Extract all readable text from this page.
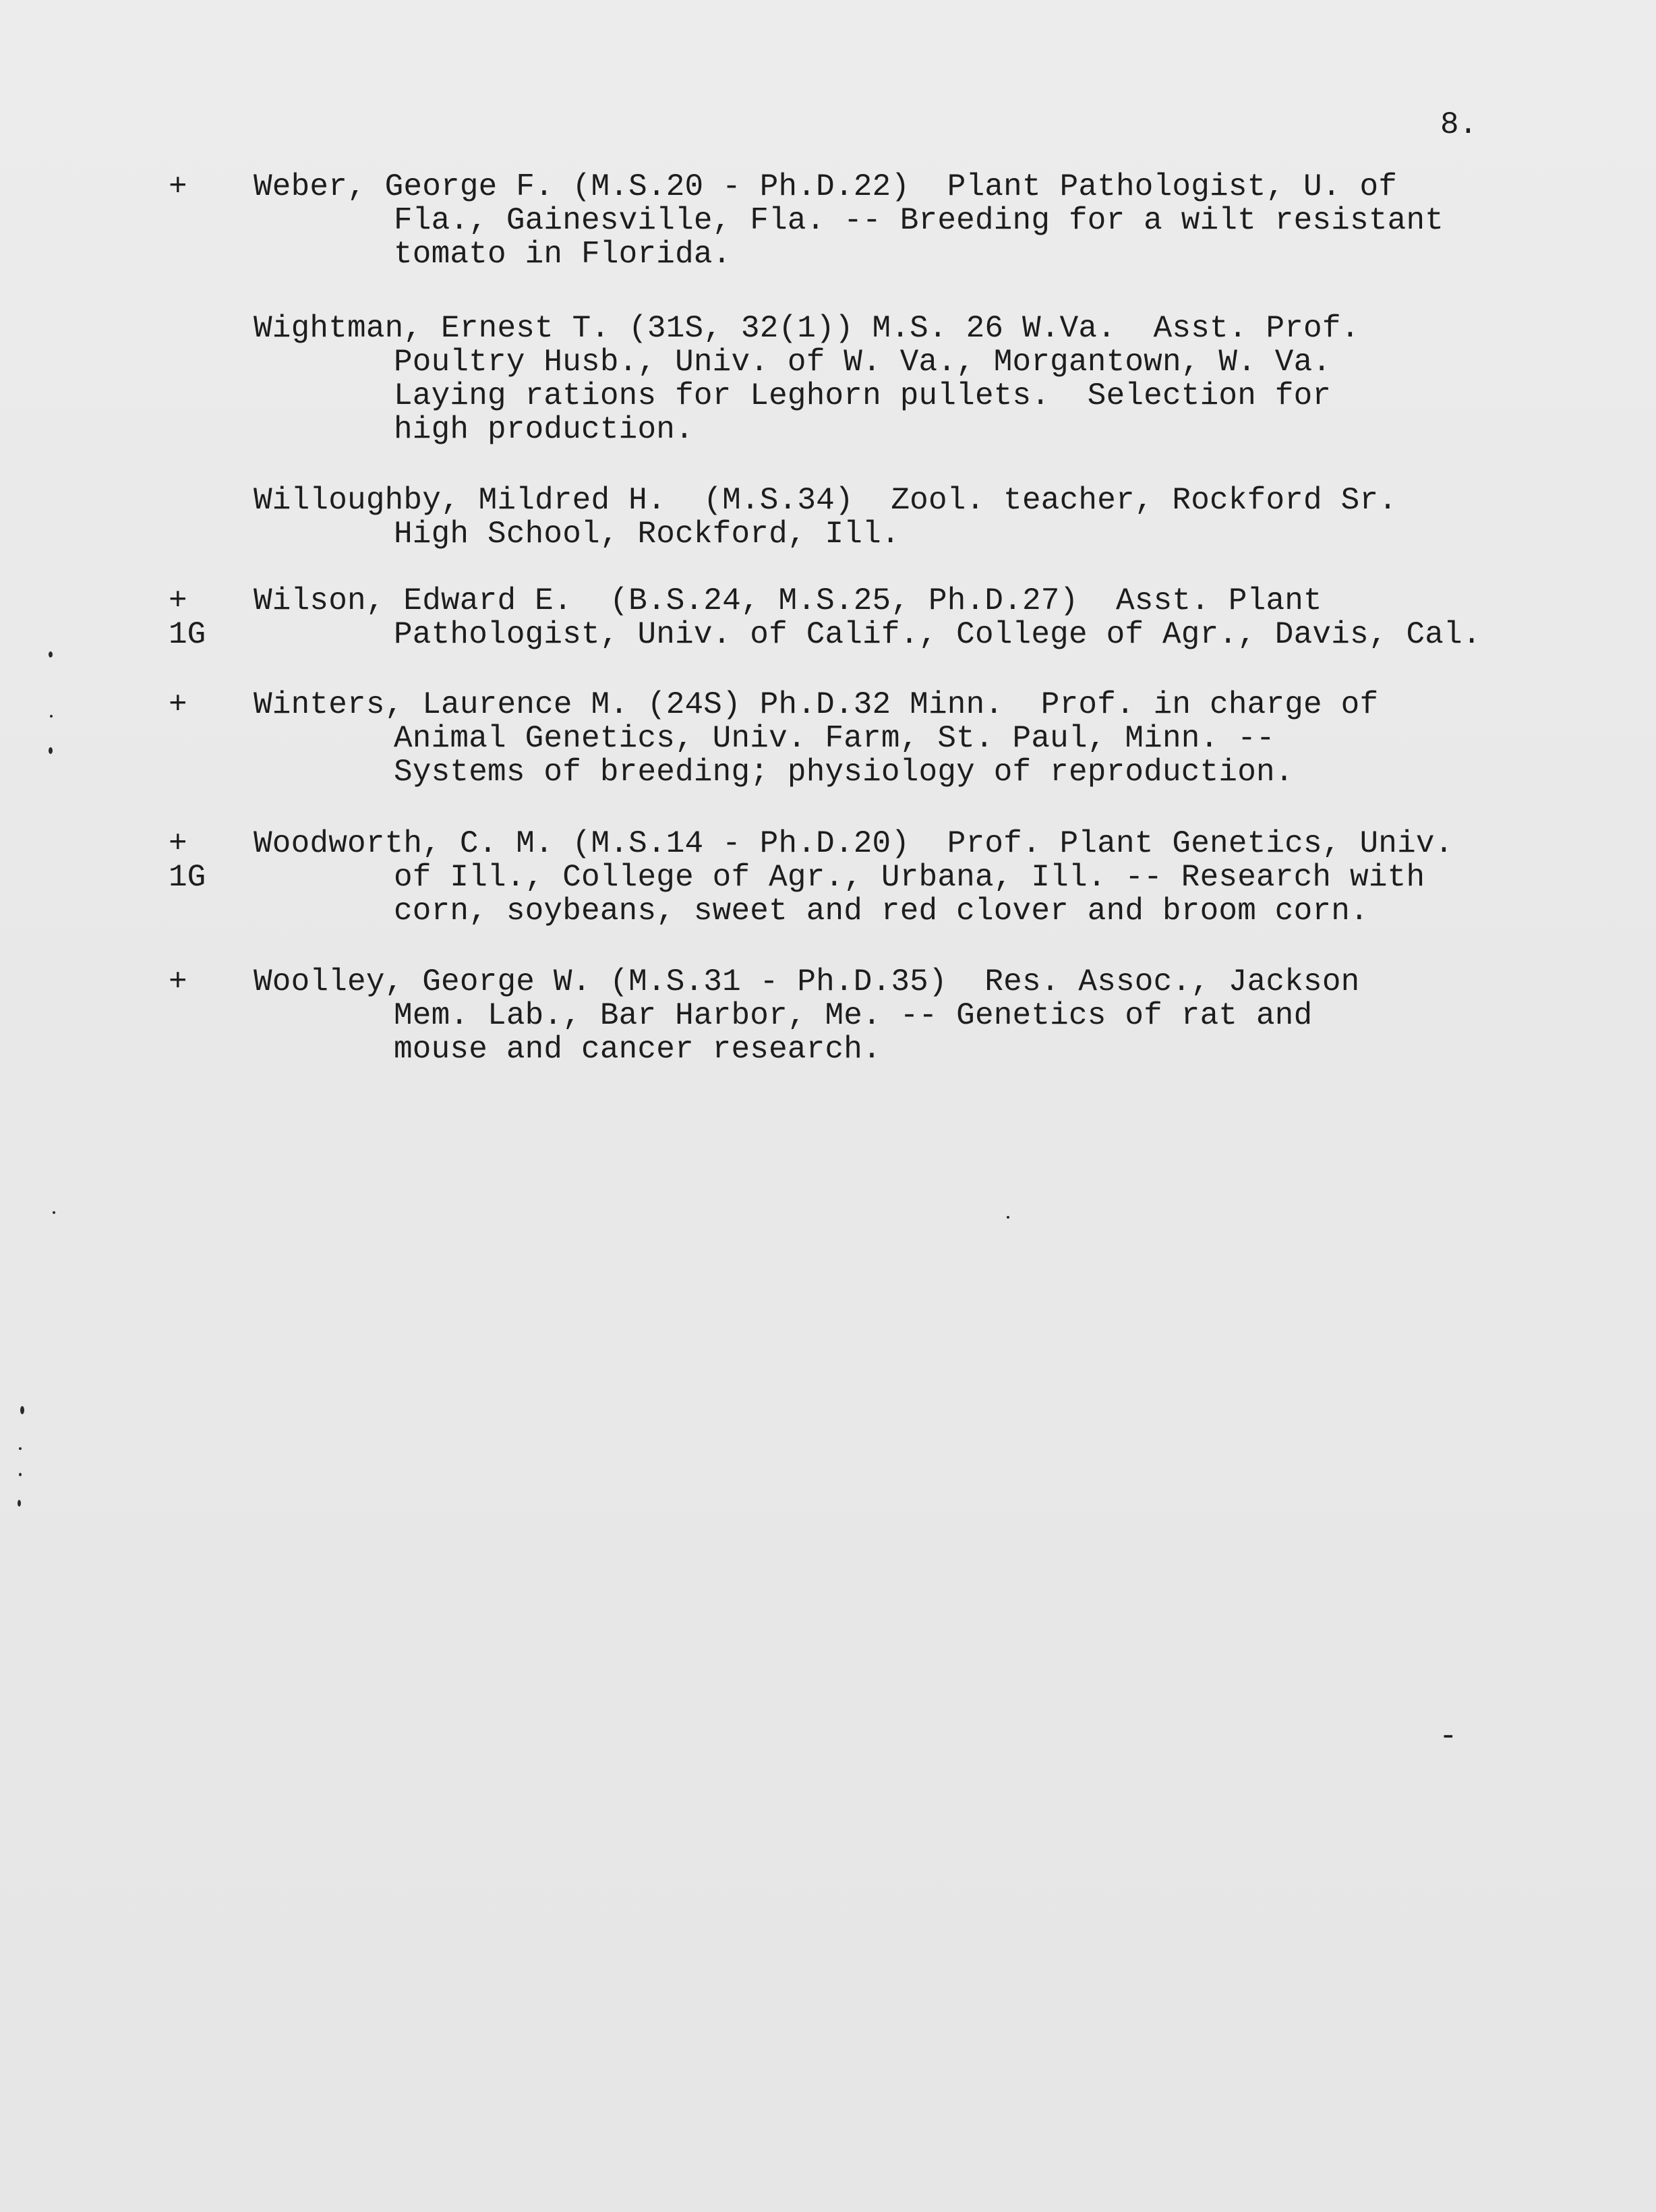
8.
+ Weber, George F. (M.S.20 - Ph.D.22)  Plant Pathologist, U. of
Fla., Gainesville, Fla. -- Breeding for a wilt resistant
tomato in Florida.
Wightman, Ernest T. (31S, 32(1)) M.S. 26 W.Va.  Asst. Prof.
Poultry Husb., Univ. of W. Va., Morgantown, W. Va.
Laying rations for Leghorn pullets.  Selection for
high production.
Willoughby, Mildred H.  (M.S.34)  Zool. teacher, Rockford Sr.
High School, Rockford, Ill.
+
1G
Wilson, Edward E.  (B.S.24, M.S.25, Ph.D.27)  Asst. Plant
Pathologist, Univ. of Calif., College of Agr., Davis, Cal.
+ Winters, Laurence M. (24S) Ph.D.32 Minn.  Prof. in charge of
Animal Genetics, Univ. Farm, St. Paul, Minn. --
Systems of breeding; physiology of reproduction.
+
1G
Woodworth, C. M. (M.S.14 - Ph.D.20)  Prof. Plant Genetics, Univ.
of Ill., College of Agr., Urbana, Ill. -- Research with
corn, soybeans, sweet and red clover and broom corn.
+ Woolley, George W. (M.S.31 - Ph.D.35)  Res. Assoc., Jackson
Mem. Lab., Bar Harbor, Me. -- Genetics of rat and
mouse and cancer research.
-
